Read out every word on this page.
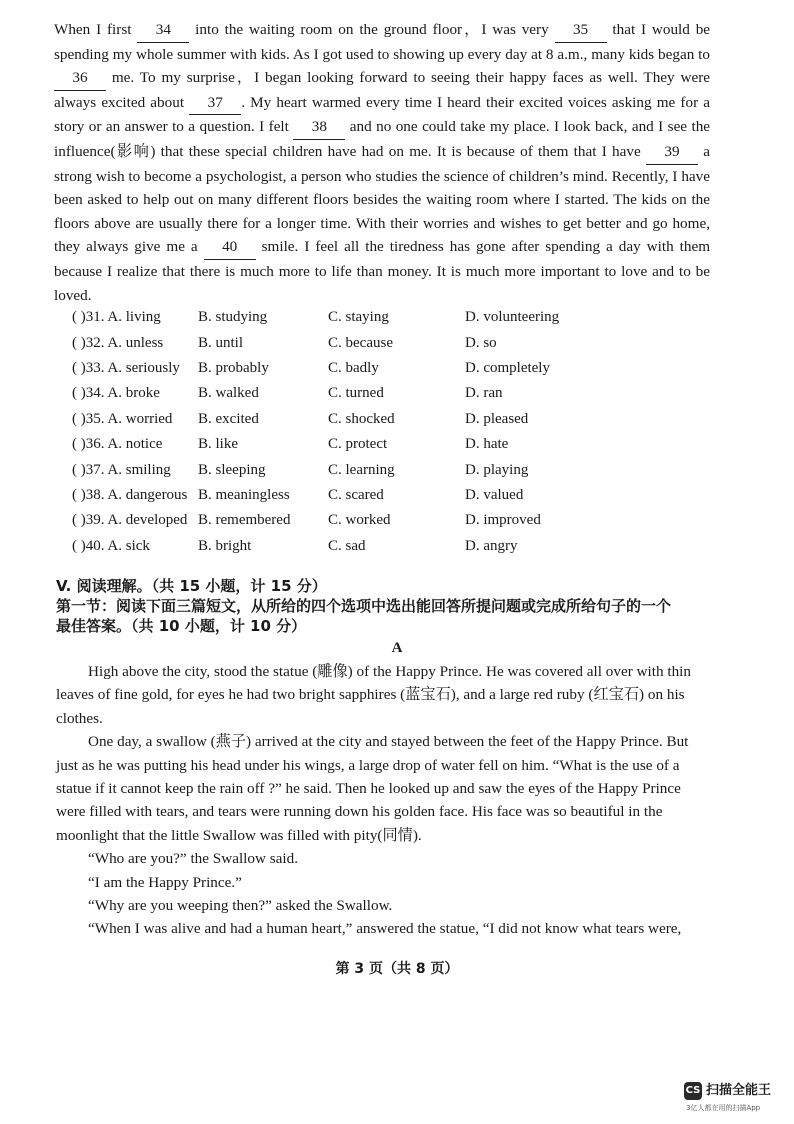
When I first 34 into the waiting room on the ground floor，I was very 35 that I would be spending my whole summer with kids. As I got used to showing up every day at 8 a.m., many kids began to 36 me. To my surprise，I began looking forward to seeing their happy faces as well. They were always excited about 37 . My heart warmed every time I heard their excited voices asking me for a story or an answer to a question. I felt 38 and no one could take my place. I look back, and I see the influence(影响) that these special children have had on me. It is because of them that I have 39 a strong wish to become a psychologist, a person who studies the science of children’s mind. Recently, I have been asked to help out on many different floors besides the waiting room where I started. The kids on the floors above are usually there for a longer time. With their worries and wishes to get better and go home, they always give me a 40 smile. I feel all the tiredness has gone after spending a day with them because I realize that there is much more to life than money. It is much more important to love and to be loved.

( )31. A. living	B. studying	C. staying	D. volunteering
( )32. A. unless	B. until	C. because	D. so
( )33. A. seriously	B. probably	C. badly	D. completely
( )34. A. broke	B. walked	C. turned	D. ran
( )35. A. worried	B. excited	C. shocked	D. pleased
( )36. A. notice	B. like	C. protect	D. hate
( )37. A. smiling	B. sleeping	C. learning	D. playing
( )38. A. dangerous	B. meaningless	C. scared	D. valued
( )39. A. developed	B. remembered	C. worked	D. improved
( )40. A. sick	B. bright	C. sad	D. angry
V. 阅读理解。（共 15 小题，计 15 分）
第一节：阅读下面三篇短文，从所给的四个选项中选出能回答所提问题或完成所给句子的一个
最佳答案。（共 10 小题，计 10 分）
A

High above the city, stood the statue (雕像) of the Happy Prince. He was covered all over with thin leaves of fine gold, for eyes he had two bright sapphires (蓝宝石), and a large red ruby (红宝石) on his clothes.

One day, a swallow (燕子) arrived at the city and stayed between the feet of the Happy Prince. But just as he was putting his head under his wings, a large drop of water fell on him. “What is the use of a statue if it cannot keep the rain off ?” he said. Then he looked up and saw the eyes of the Happy Prince were filled with tears, and tears were running down his golden face. His face was so beautiful in the moonlight that the little Swallow was filled with pity(同情).

“Who are you?” the Swallow said.

“I am the Happy Prince.”

“Why are you weeping then?” asked the Swallow.

“When I was alive and had a human heart,” answered the statue, “I did not know what tears were,

第 3 页（共 8 页）
CS 扫描全能王
3亿人都在用的扫描App
